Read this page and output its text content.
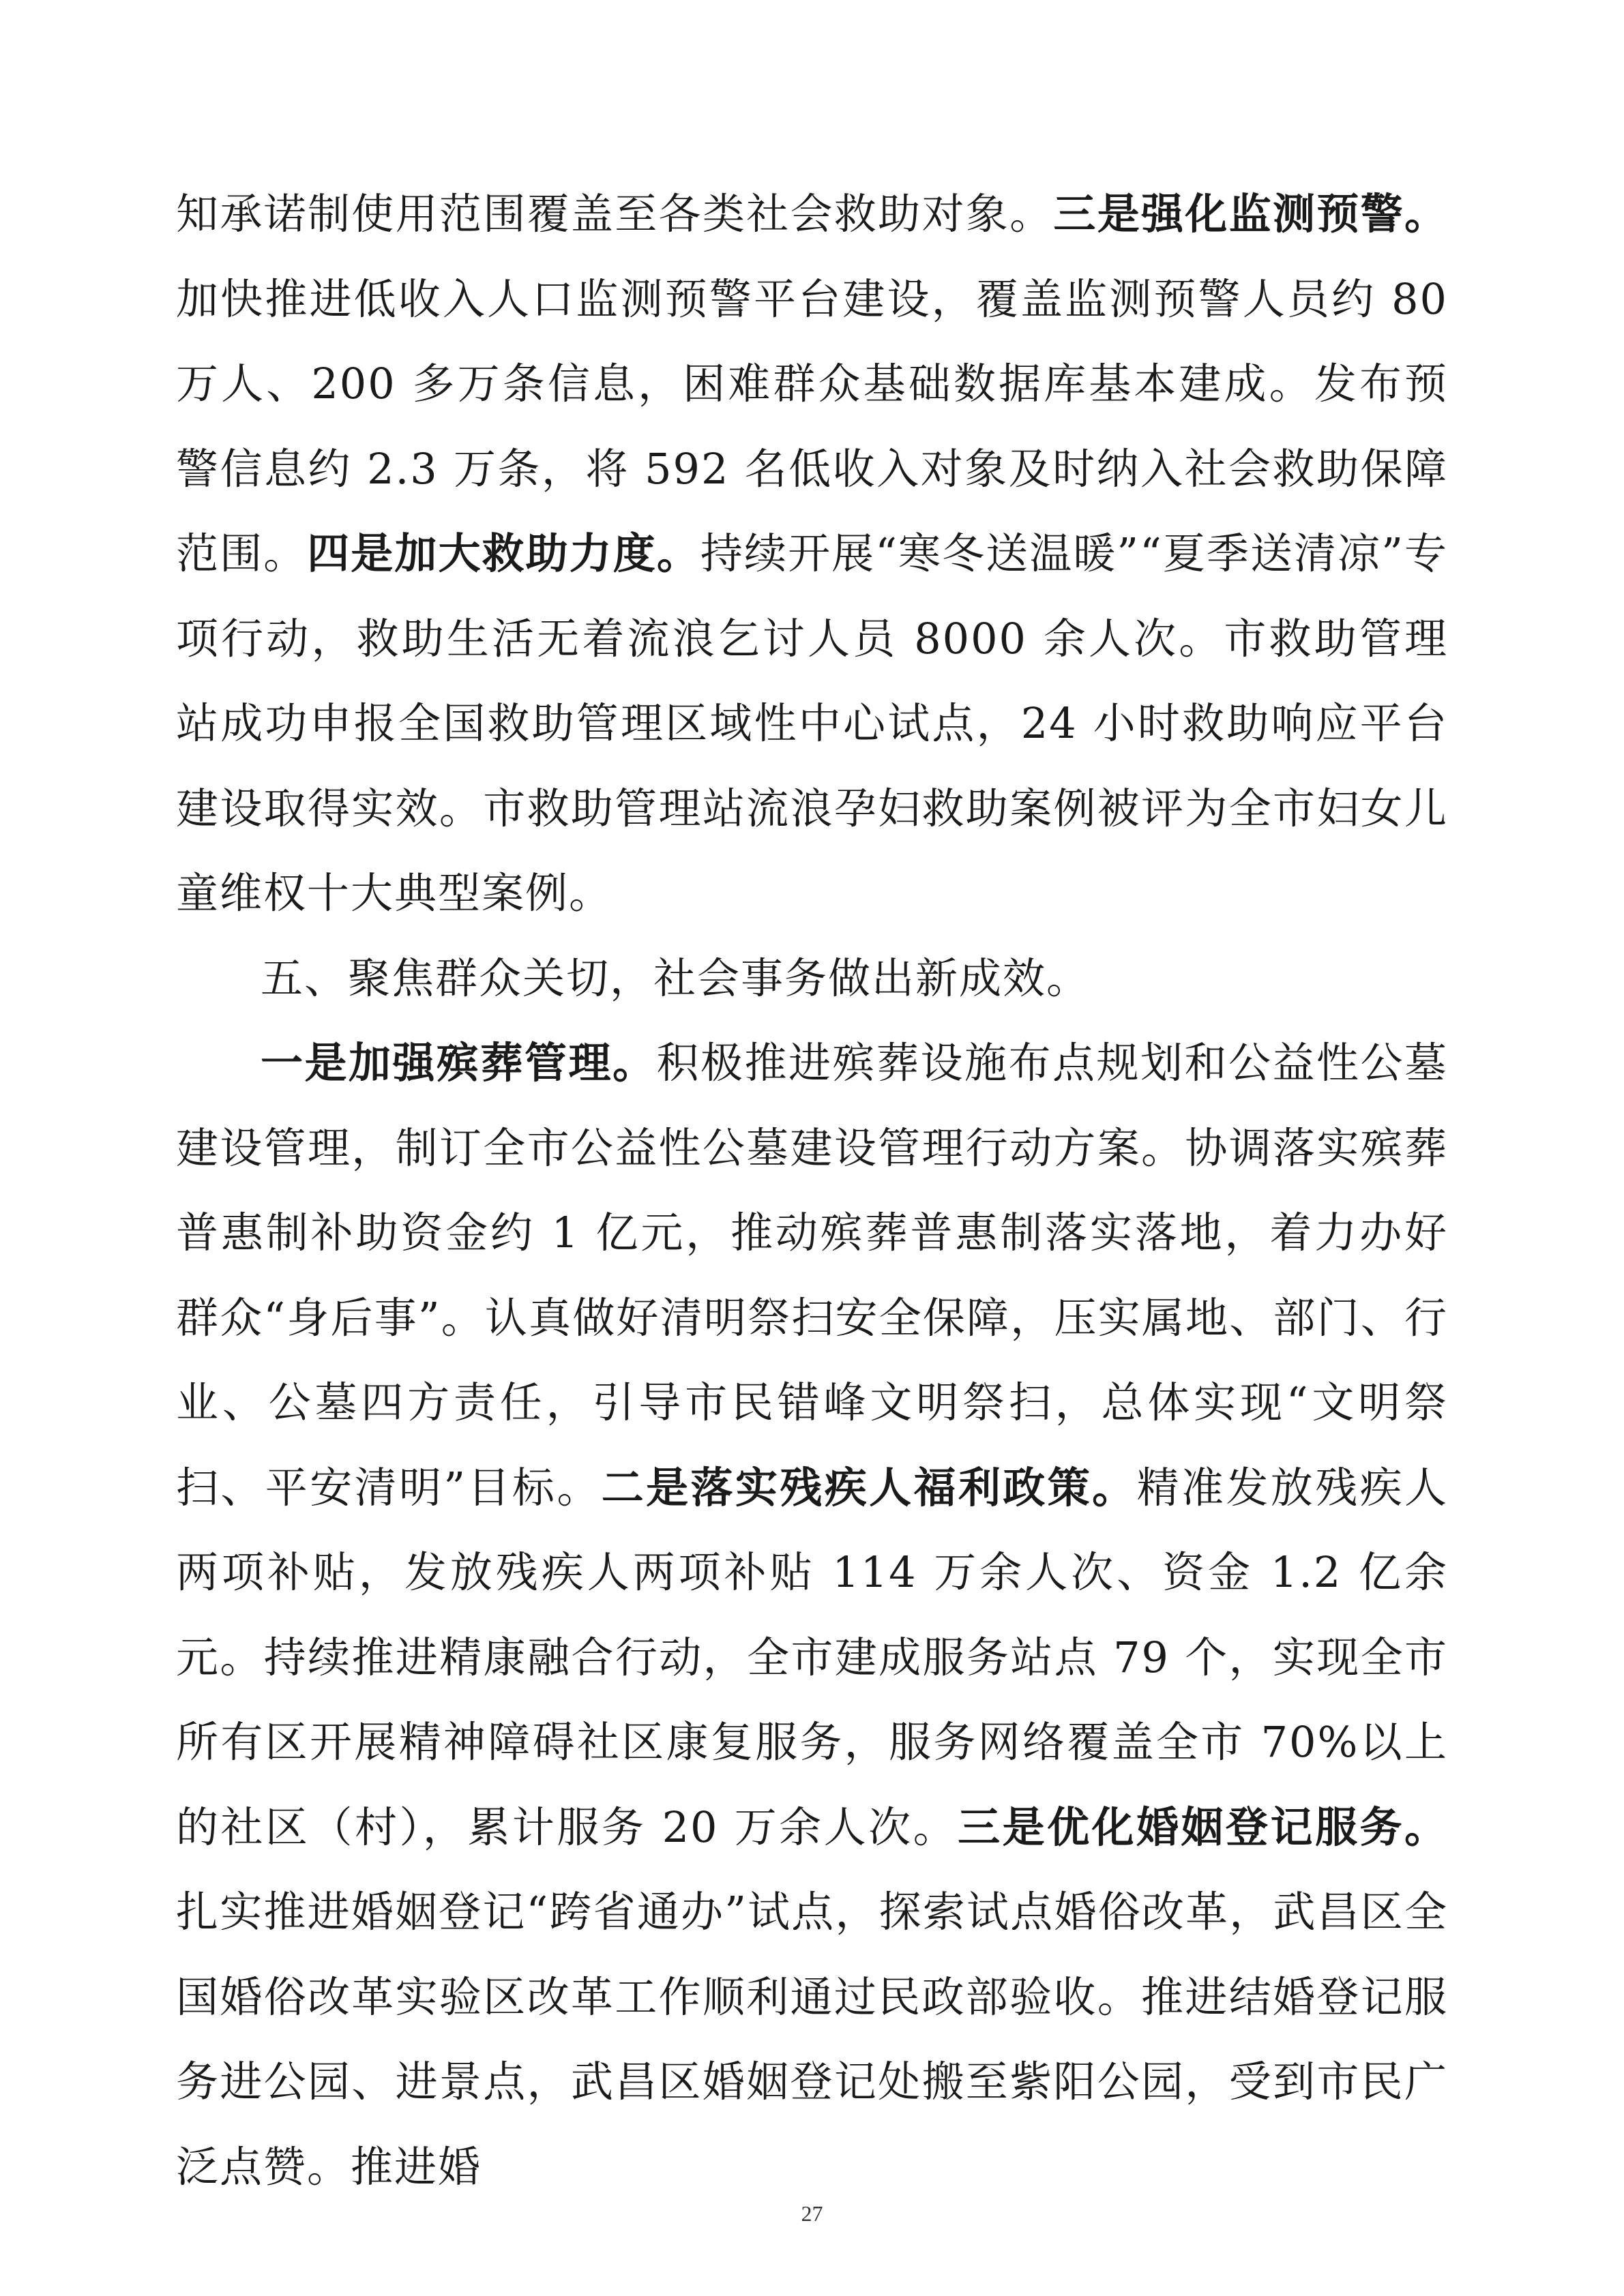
知承诺制使用范围覆盖至各类社会救助对象。三是强化监测预警。加快推进低收入人口监测预警平台建设，覆盖监测预警人员约 80 万人、200 多万条信息，困难群众基础数据库基本建成。发布预警信息约 2.3 万条，将 592 名低收入对象及时纳入社会救助保障范围。四是加大救助力度。持续开展“寒冬送温暖”“夏季送清凉”专项行动，救助生活无着流浪乞讨人员 8000 余人次。市救助管理站成功申报全国救助管理区域性中心试点，24 小时救助响应平台建设取得实效。市救助管理站流浪孕妇救助案例被评为全市妇女儿童维权十大典型案例。

五、聚焦群众关切，社会事务做出新成效。

一是加强殡葬管理。积极推进殡葬设施布点规划和公益性公墓建设管理，制订全市公益性公墓建设管理行动方案。协调落实殡葬普惠制补助资金约 1 亿元，推动殡葬普惠制落实落地，着力办好群众“身后事”。认真做好清明祭扫安全保障，压实属地、部门、行业、公墓四方责任，引导市民错峰文明祭扫，总体实现“文明祭扫、平安清明”目标。二是落实残疾人福利政策。精准发放残疾人两项补贴，发放残疾人两项补贴 114 万余人次、资金 1.2 亿余元。持续推进精康融合行动，全市建成服务站点 79 个，实现全市所有区开展精神障碍社区康复服务，服务网络覆盖全市 70%以上的社区（村），累计服务 20 万余人次。三是优化婚姻登记服务。扎实推进婚姻登记“跨省通办”试点，探索试点婚俗改革，武昌区全国婚俗改革实验区改革工作顺利通过民政部验收。推进结婚登记服务进公园、进景点，武昌区婚姻登记处搬至紫阳公园，受到市民广泛点赞。推进婚

27
